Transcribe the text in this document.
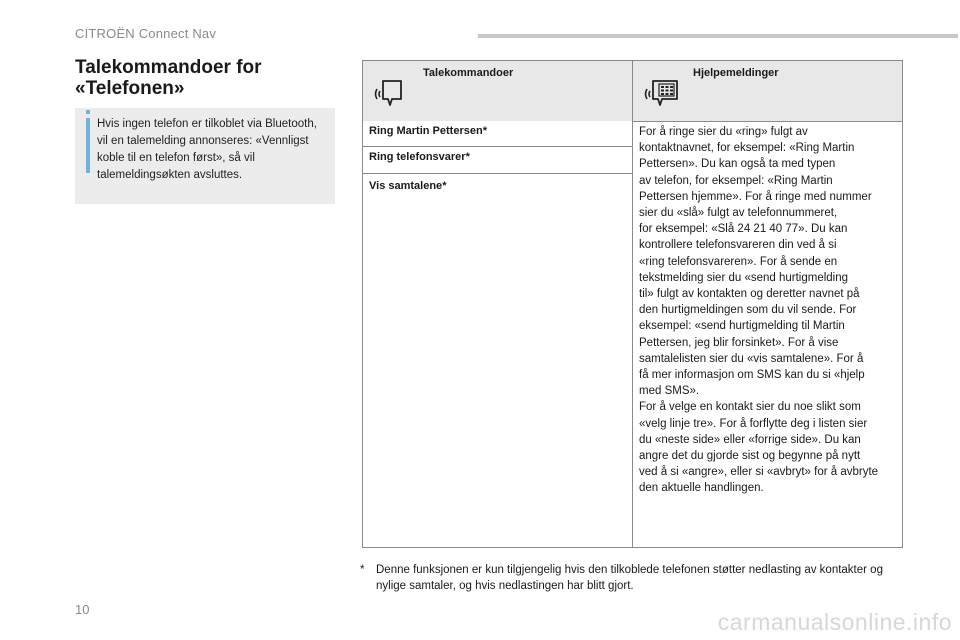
CITROËN Connect Nav
Talekommandoer for
«Telefonen»
Hvis ingen telefon er tilkoblet via Bluetooth, vil en talemelding annonseres: «Vennligst koble til en telefon først», så vil talemeldingsøkten avsluttes.
Talekommandoer	Hjelpemeldinger
Ring Martin Pettersen*
Ring telefonsvarer*
Vis samtalene*
For å ringe sier du «ring» fulgt av
kontaktnavnet, for eksempel: «Ring Martin
Pettersen». Du kan også ta med typen
av telefon, for eksempel: «Ring Martin
Pettersen hjemme». For å ringe med nummer
sier du «slå» fulgt av telefonnummeret,
for eksempel: «Slå 24 21 40 77». Du kan
kontrollere telefonsvareren din ved å si
«ring telefonsvareren». For å sende en
tekstmelding sier du «send hurtigmelding
til» fulgt av kontakten og deretter navnet på
den hurtigmeldingen som du vil sende. For
eksempel: «send hurtigmelding til Martin
Pettersen, jeg blir forsinket». For å vise
samtalelisten sier du «vis samtalene». For å
få mer informasjon om SMS kan du si «hjelp
med SMS».
For å velge en kontakt sier du noe slikt som
«velg linje tre». For å forflytte deg i listen sier
du «neste side» eller «forrige side». Du kan
angre det du gjorde sist og begynne på nytt
ved å si «angre», eller si «avbryt» for å avbryte
den aktuelle handlingen.
* Denne funksjonen er kun tilgjengelig hvis den tilkoblede telefonen støtter nedlasting av kontakter og nylige samtaler, og hvis nedlastingen har blitt gjort.
10	carmanualsonline.info
